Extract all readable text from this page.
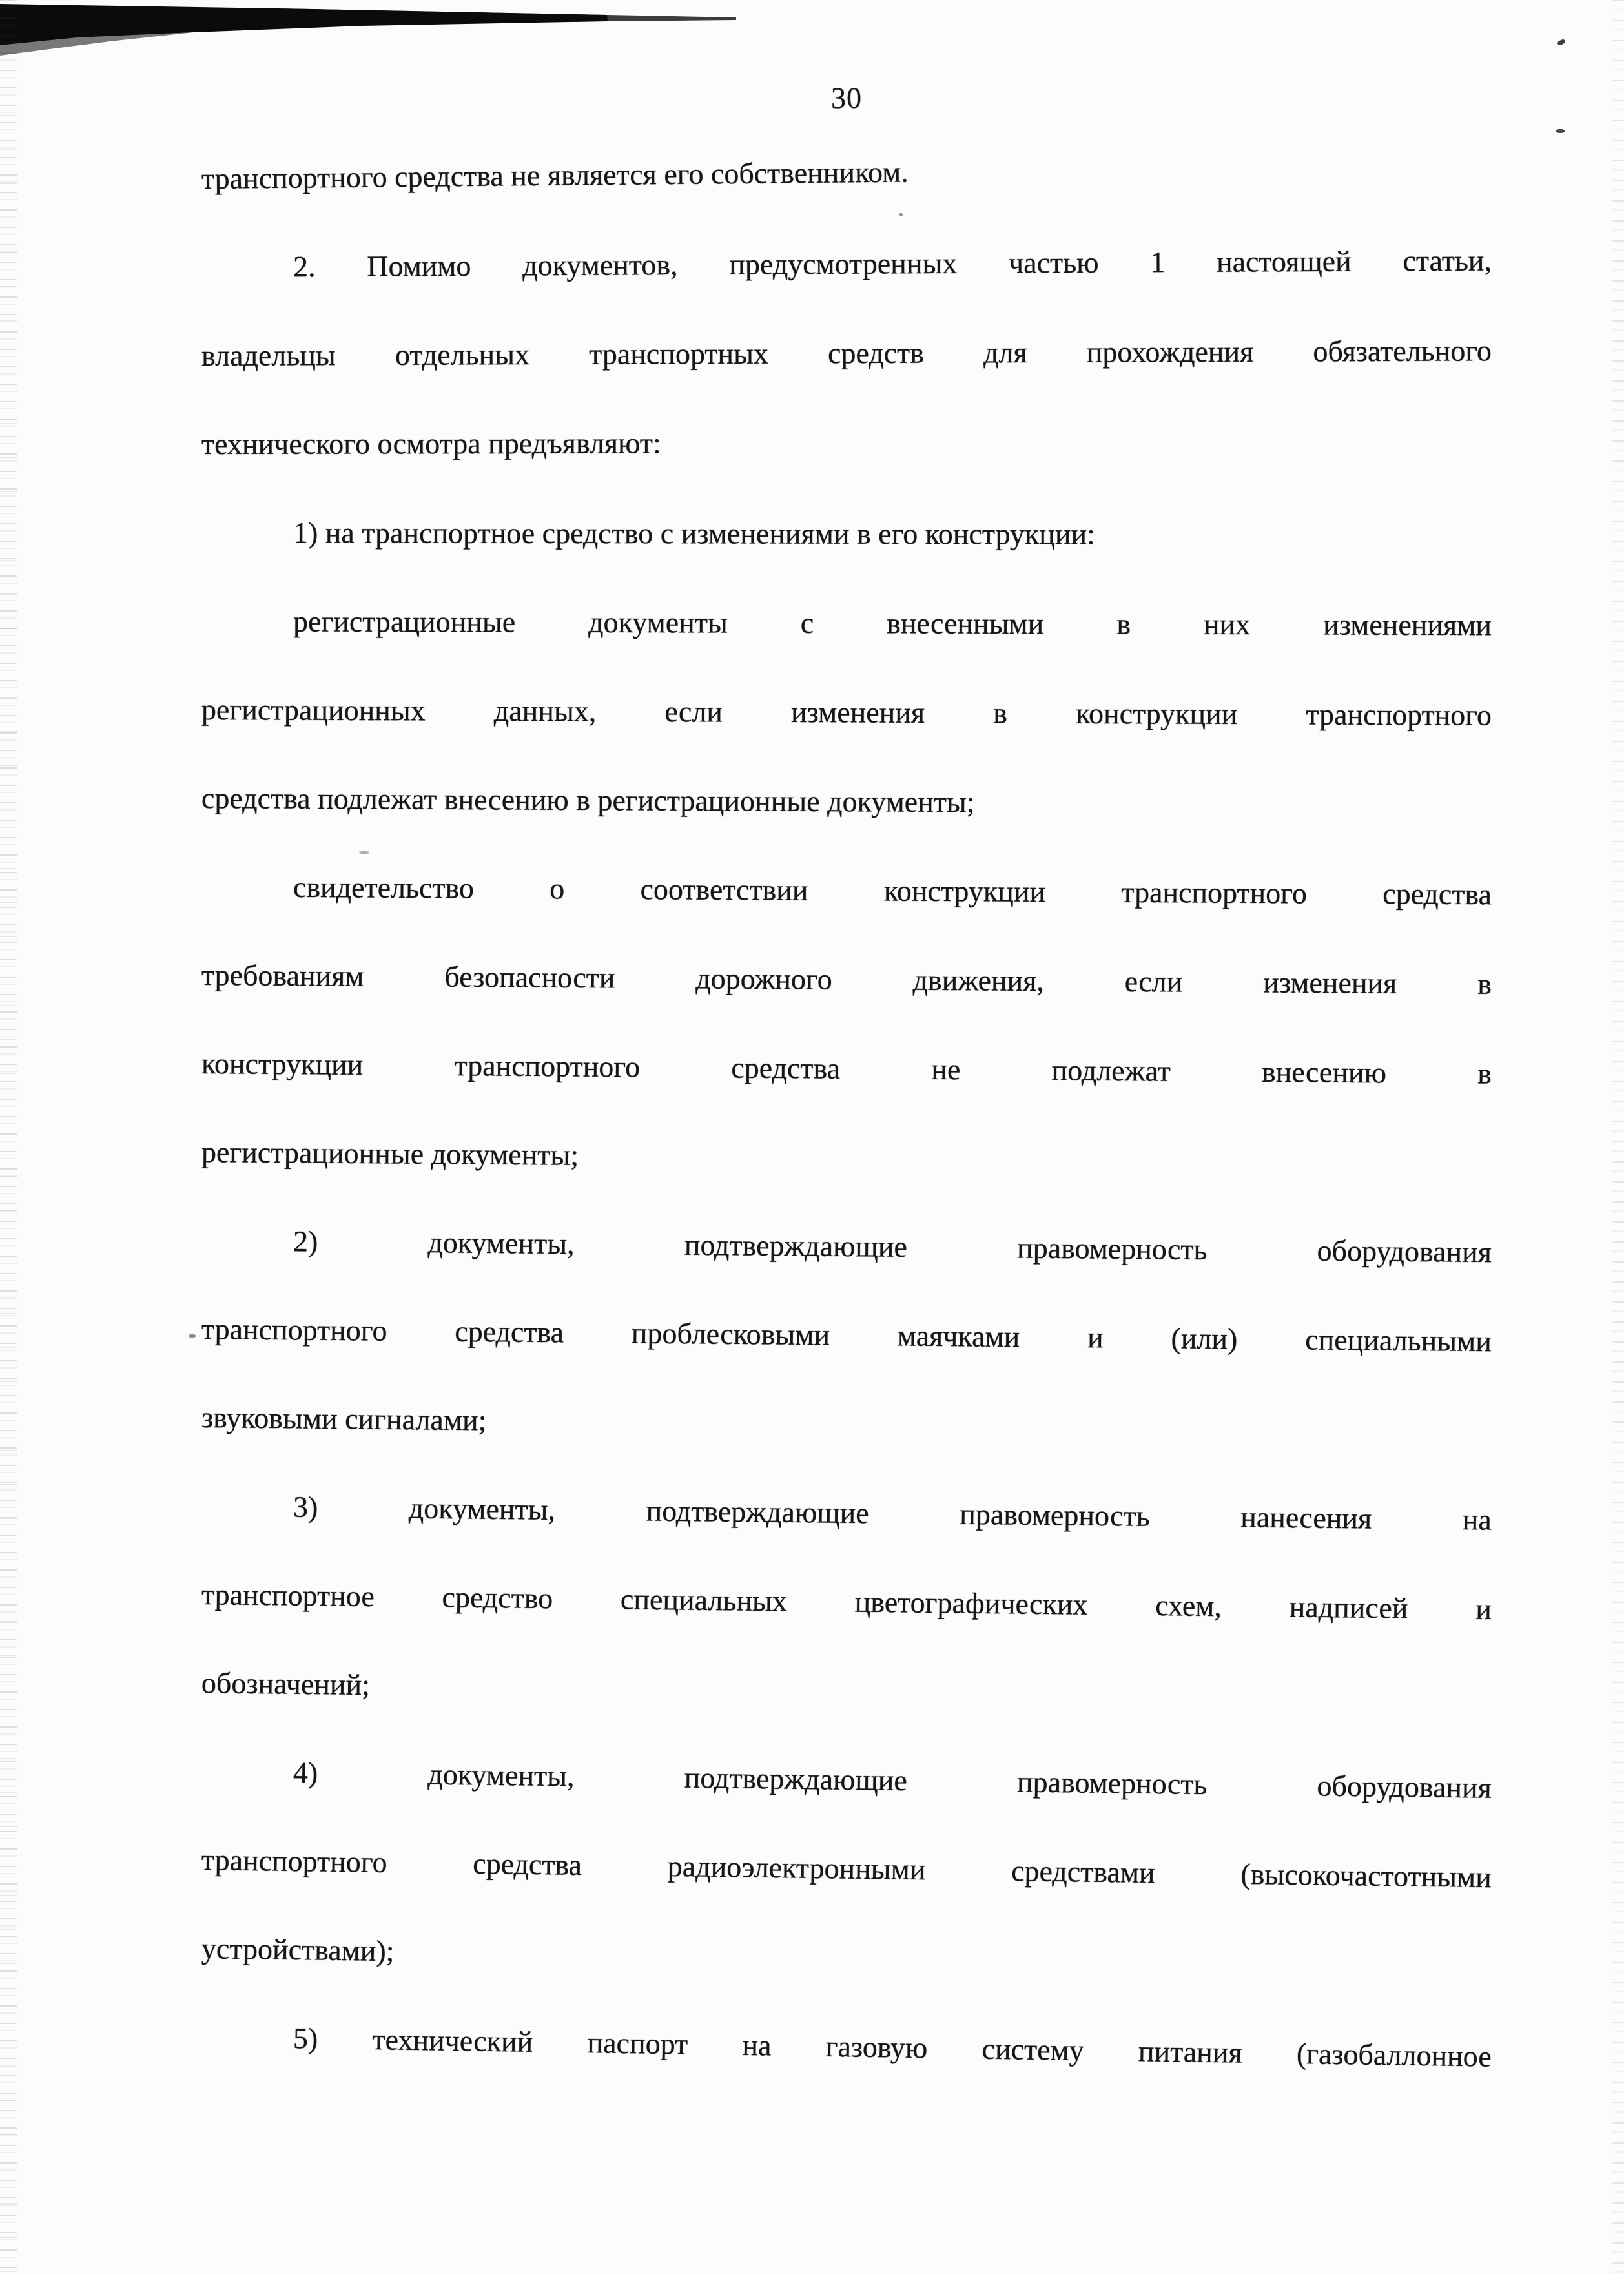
30
транспортного средства не является его собственником.
2. Помимо документов, предусмотренных частью 1 настоящей статьи,
владельцы отдельных транспортных средств для прохождения обязательного
технического осмотра предъявляют:
1) на транспортное средство с изменениями в его конструкции:
регистрационные документы с внесенными в них изменениями
регистрационных данных, если изменения в конструкции транспортного
средства подлежат внесению в регистрационные документы;
свидетельство о соответствии конструкции транспортного средства
требованиям безопасности дорожного движения, если изменения в
конструкции транспортного средства не подлежат внесению в
регистрационные документы;
2) документы, подтверждающие правомерность оборудования
транспортного средства проблесковыми маячками и (или) специальными
звуковыми сигналами;
3) документы, подтверждающие правомерность нанесения на
транспортное средство специальных цветографических схем, надписей и
обозначений;
4) документы, подтверждающие правомерность оборудования
транспортного средства радиоэлектронными средствами (высокочастотными
устройствами);
5) технический паспорт на газовую систему питания (газобаллонное
